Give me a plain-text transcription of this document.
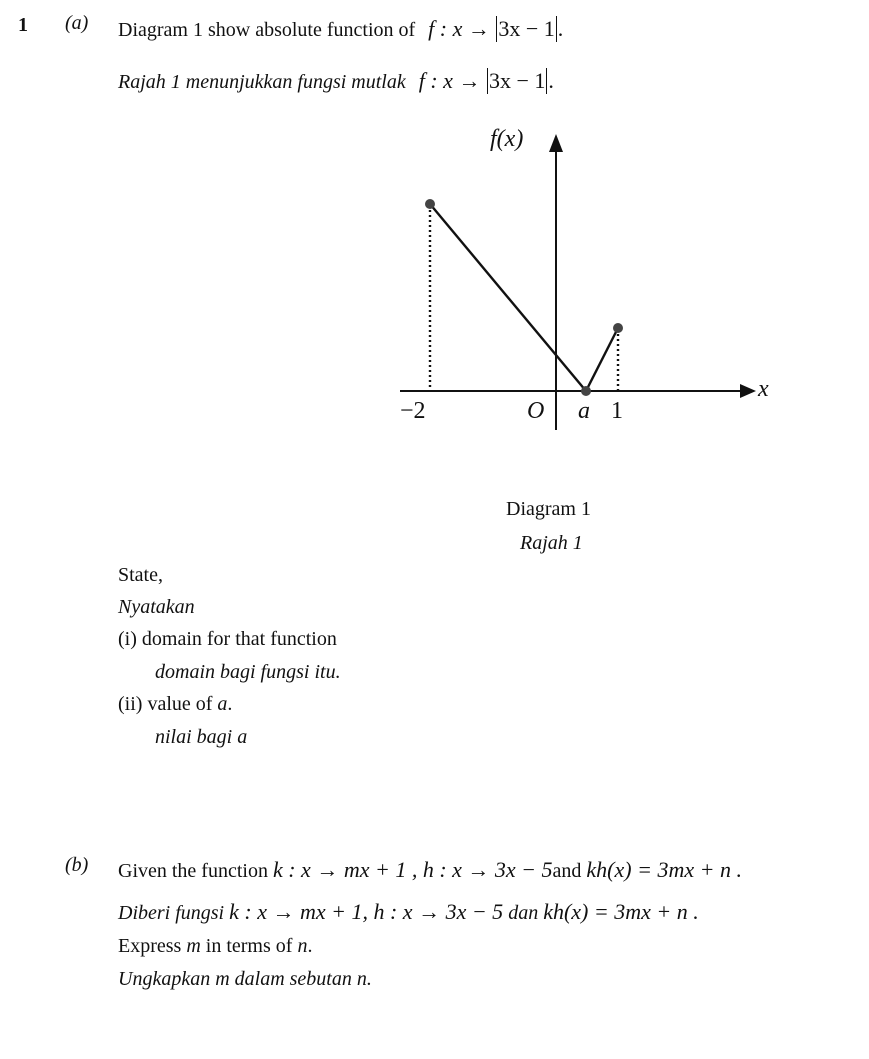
1 (a) Diagram 1 show absolute function of f : x → 3x − 1 .
Rajah 1 menunjukkan fungsi mutlak f : x → 3x − 1 .
f(x)
x
O
−2	a 1
Diagram 1
Rajah 1
State,
Nyatakan
(i) domain for that function
domain bagi fungsi itu.
(ii) value of a.
nilai bagi a
(b) Given the function k : x → mx + 1 , h : x → 3x − 5and kh(x) = 3mx + n .
Diberi fungsi k : x → mx + 1, h : x → 3x − 5 dan kh(x) = 3mx + n .
Express m in terms of n.
Ungkapkan m dalam sebutan n.
